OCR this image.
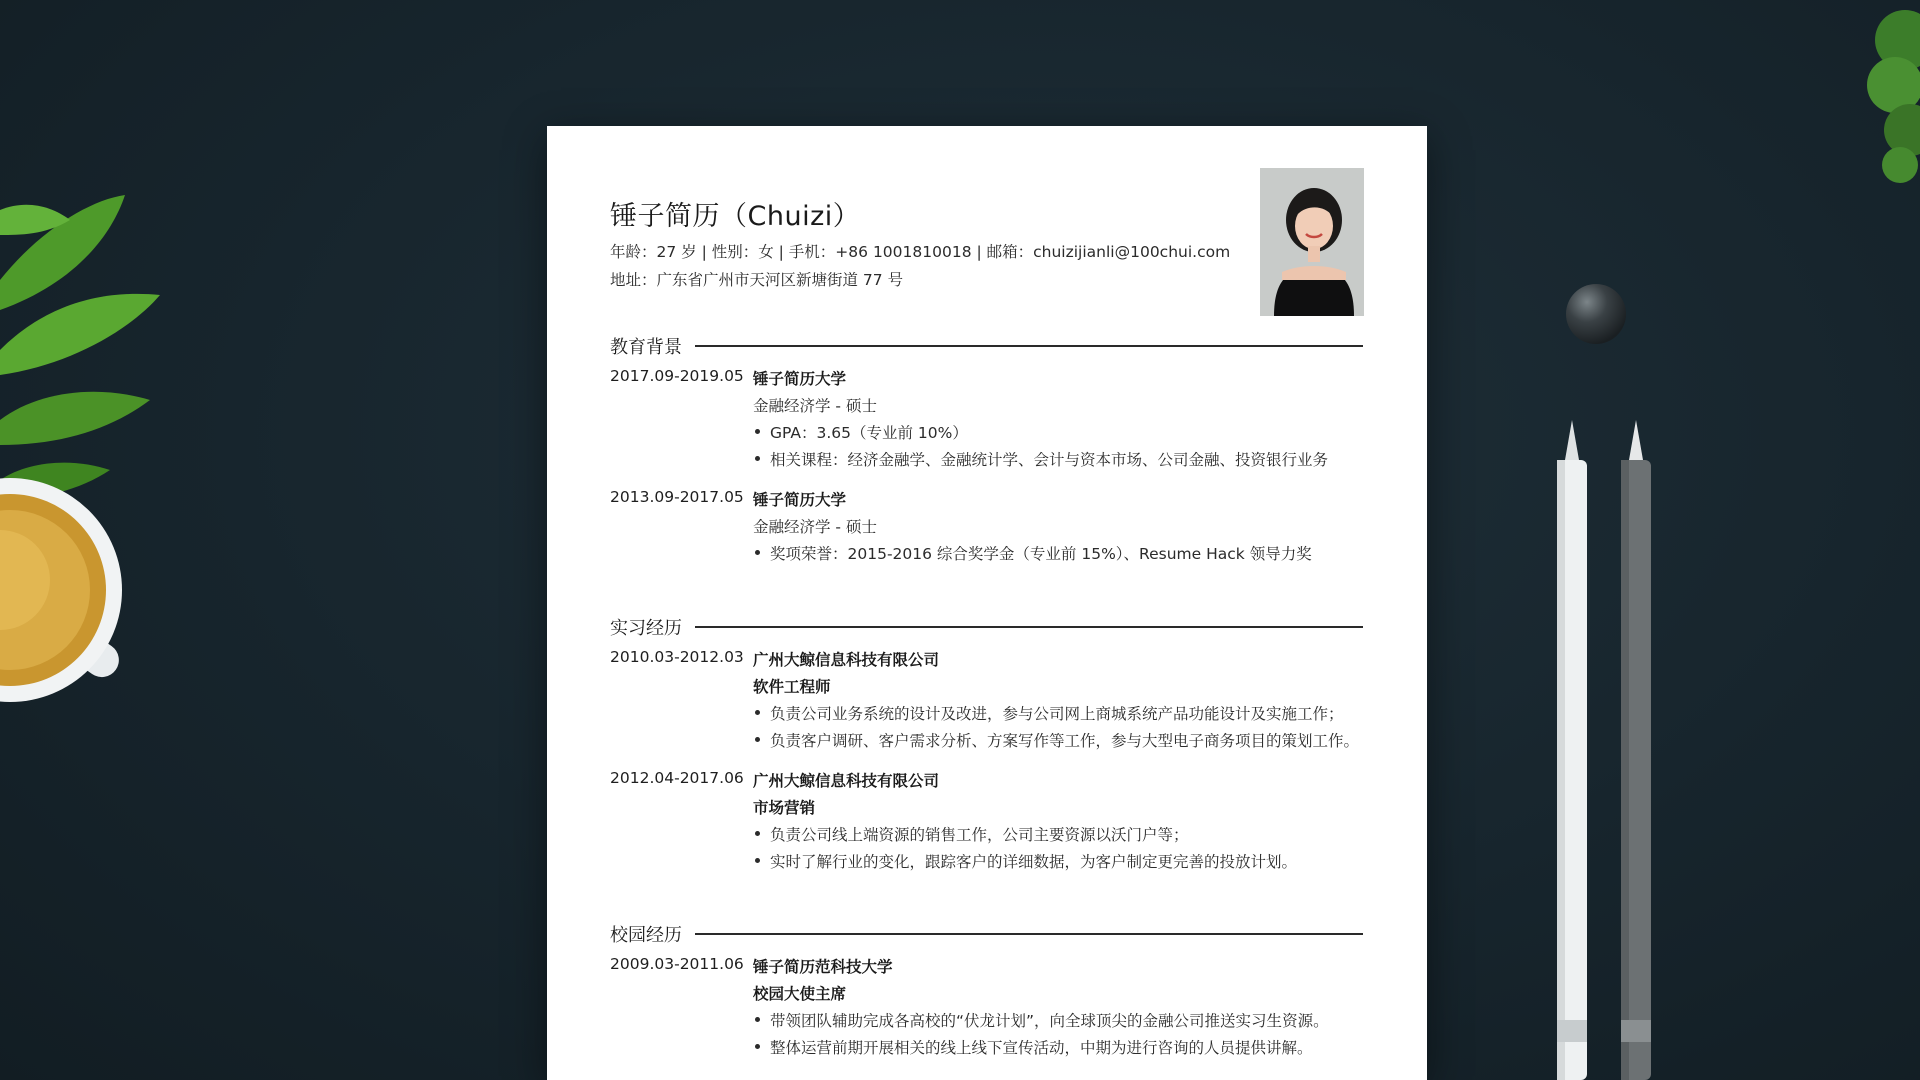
锤子简历（Chuizi）
年龄：27 岁 | 性别：女 | 手机：+86 1001810018 | 邮箱：chuizijianli@100chui.com
地址：广东省广州市天河区新塘街道 77 号
教育背景
2017.09-2019.05 锤子简历大学
金融经济学 - 硕士
GPA：3.65（专业前 10%）
相关课程：经济金融学、金融统计学、会计与资本市场、公司金融、投资银行业务
2013.09-2017.05 锤子简历大学
金融经济学 - 硕士
奖项荣誉：2015-2016 综合奖学金（专业前 15%）、Resume Hack 领导力奖
实习经历
2010.03-2012.03 广州大鲸信息科技有限公司
软件工程师
负责公司业务系统的设计及改进，参与公司网上商城系统产品功能设计及实施工作；
负责客户调研、客户需求分析、方案写作等工作，参与大型电子商务项目的策划工作。
2012.04-2017.06 广州大鲸信息科技有限公司
市场营销
负责公司线上端资源的销售工作，公司主要资源以沃门户等；
实时了解行业的变化，跟踪客户的详细数据，为客户制定更完善的投放计划。
校园经历
2009.03-2011.06 锤子简历范科技大学
校园大使主席
带领团队辅助完成各高校的“伏龙计划”，向全球顶尖的金融公司推送实习生资源。
整体运营前期开展相关的线上线下宣传活动，中期为进行咨询的人员提供讲解。
